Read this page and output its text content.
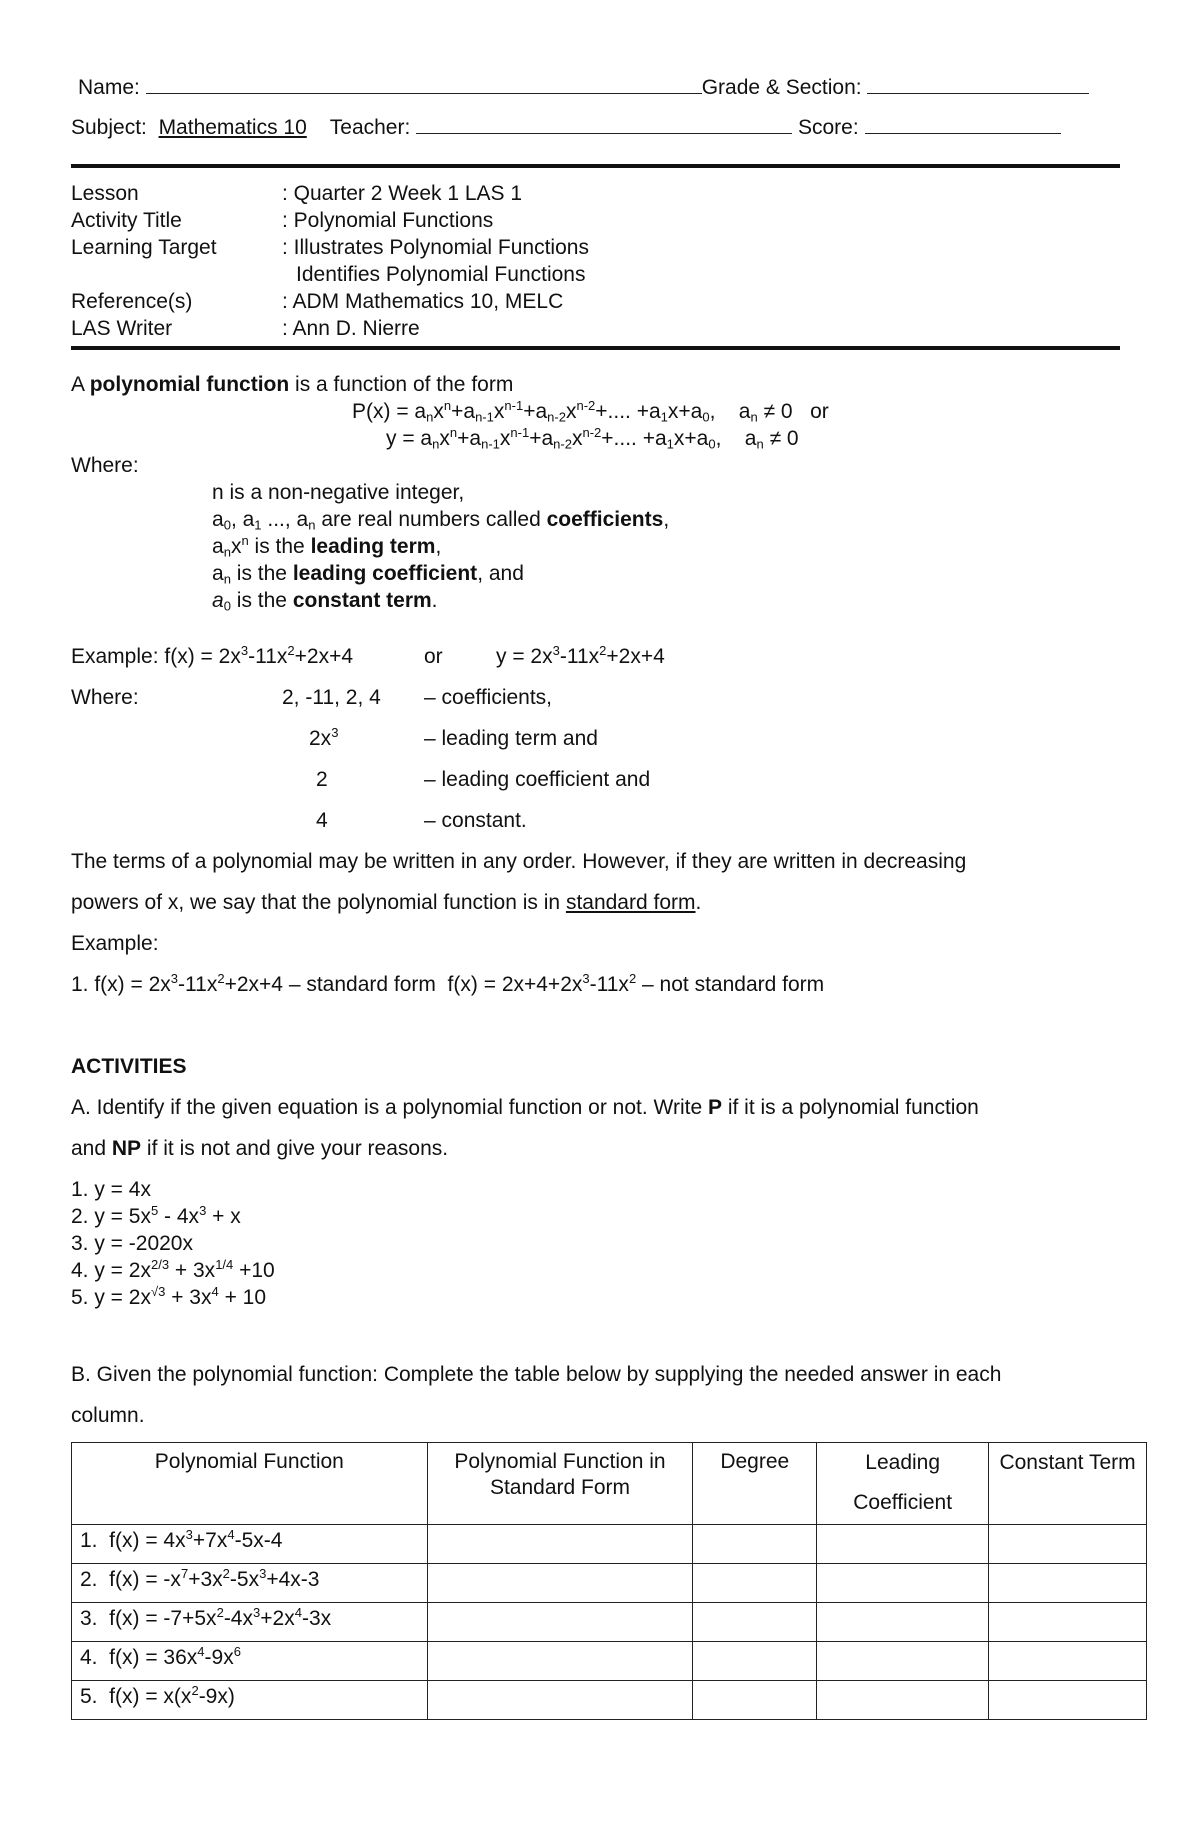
Name:	Grade & Section:
Subject: Mathematics 10 Teacher:	Score:
Lesson	: Quarter 2 Week 1 LAS 1
Activity Title	: Polynomial Functions
Learning Target	: Illustrates Polynomial Functions
Identifies Polynomial Functions
Reference(s)	: ADM Mathematics 10, MELC
LAS Writer	: Ann D. Nierre
A polynomial function is a function of the form
$P(x) = a_nx^n+a_{n-1}x^{n-1}+a_{n-2}x^{n-2}+$.... $+a_1x+a_0$,    $a_n \ne 0$   or
$y = a_nx^n+a_{n-1}x^{n-1}+a_{n-2}x^{n-2}+$.... $+a_1x+a_0$,    $a_n \ne 0$
Where:
n is a non-negative integer,
$a_0$, $a_1$ ..., $a_n$ are real numbers called coefficients,
$a_nx^n$ is the leading term,
$a_n$ is the leading coefficient, and
$a_0$ is the constant term.
Example: $f(x) = 2x^3-11x^2+2x+4$	or	$y = 2x^3-11x^2+2x+4$
Where:	2, -11, 2, 4 – coefficients,
$2x^3$	– leading term and
2	– leading coefficient and
4	– constant.
The terms of a polynomial may be written in any order. However, if they are written in decreasing
powers of x, we say that the polynomial function is in standard form.
Example:
1. $f(x) = 2x^3-11x^2+2x+4$ – standard form  $f(x) = 2x+4+2x^3-11x^2$ – not standard form
ACTIVITIES
A. Identify if the given equation is a polynomial function or not. Write P if it is a polynomial function
and NP if it is not and give your reasons.
1. y = 4x
2. $y = 5x^5 - 4x^3 + x$
3. y = -2020x
4. $y = 2x^{2/3} + 3x^{1/4} +10$
5. $y = 2x^{√3} + 3x^4 + 10$
B. Given the polynomial function: Complete the table below by supplying the needed answer in each
column.
Polynomial Function	Polynomial Function in Standard Form	Degree	Leading Coefficient	Constant Term
1.  $f(x) = 4x^3+7x^4-5x-4$				
2.  $f(x) = -x^7+3x^2-5x^3+4x-3$				
3.  $f(x) = -7+5x^2-4x^3+2x^4-3x$				
4.  $f(x) = 36x^4-9x^6$				
5.  $f(x) = x(x^2-9x)$				
